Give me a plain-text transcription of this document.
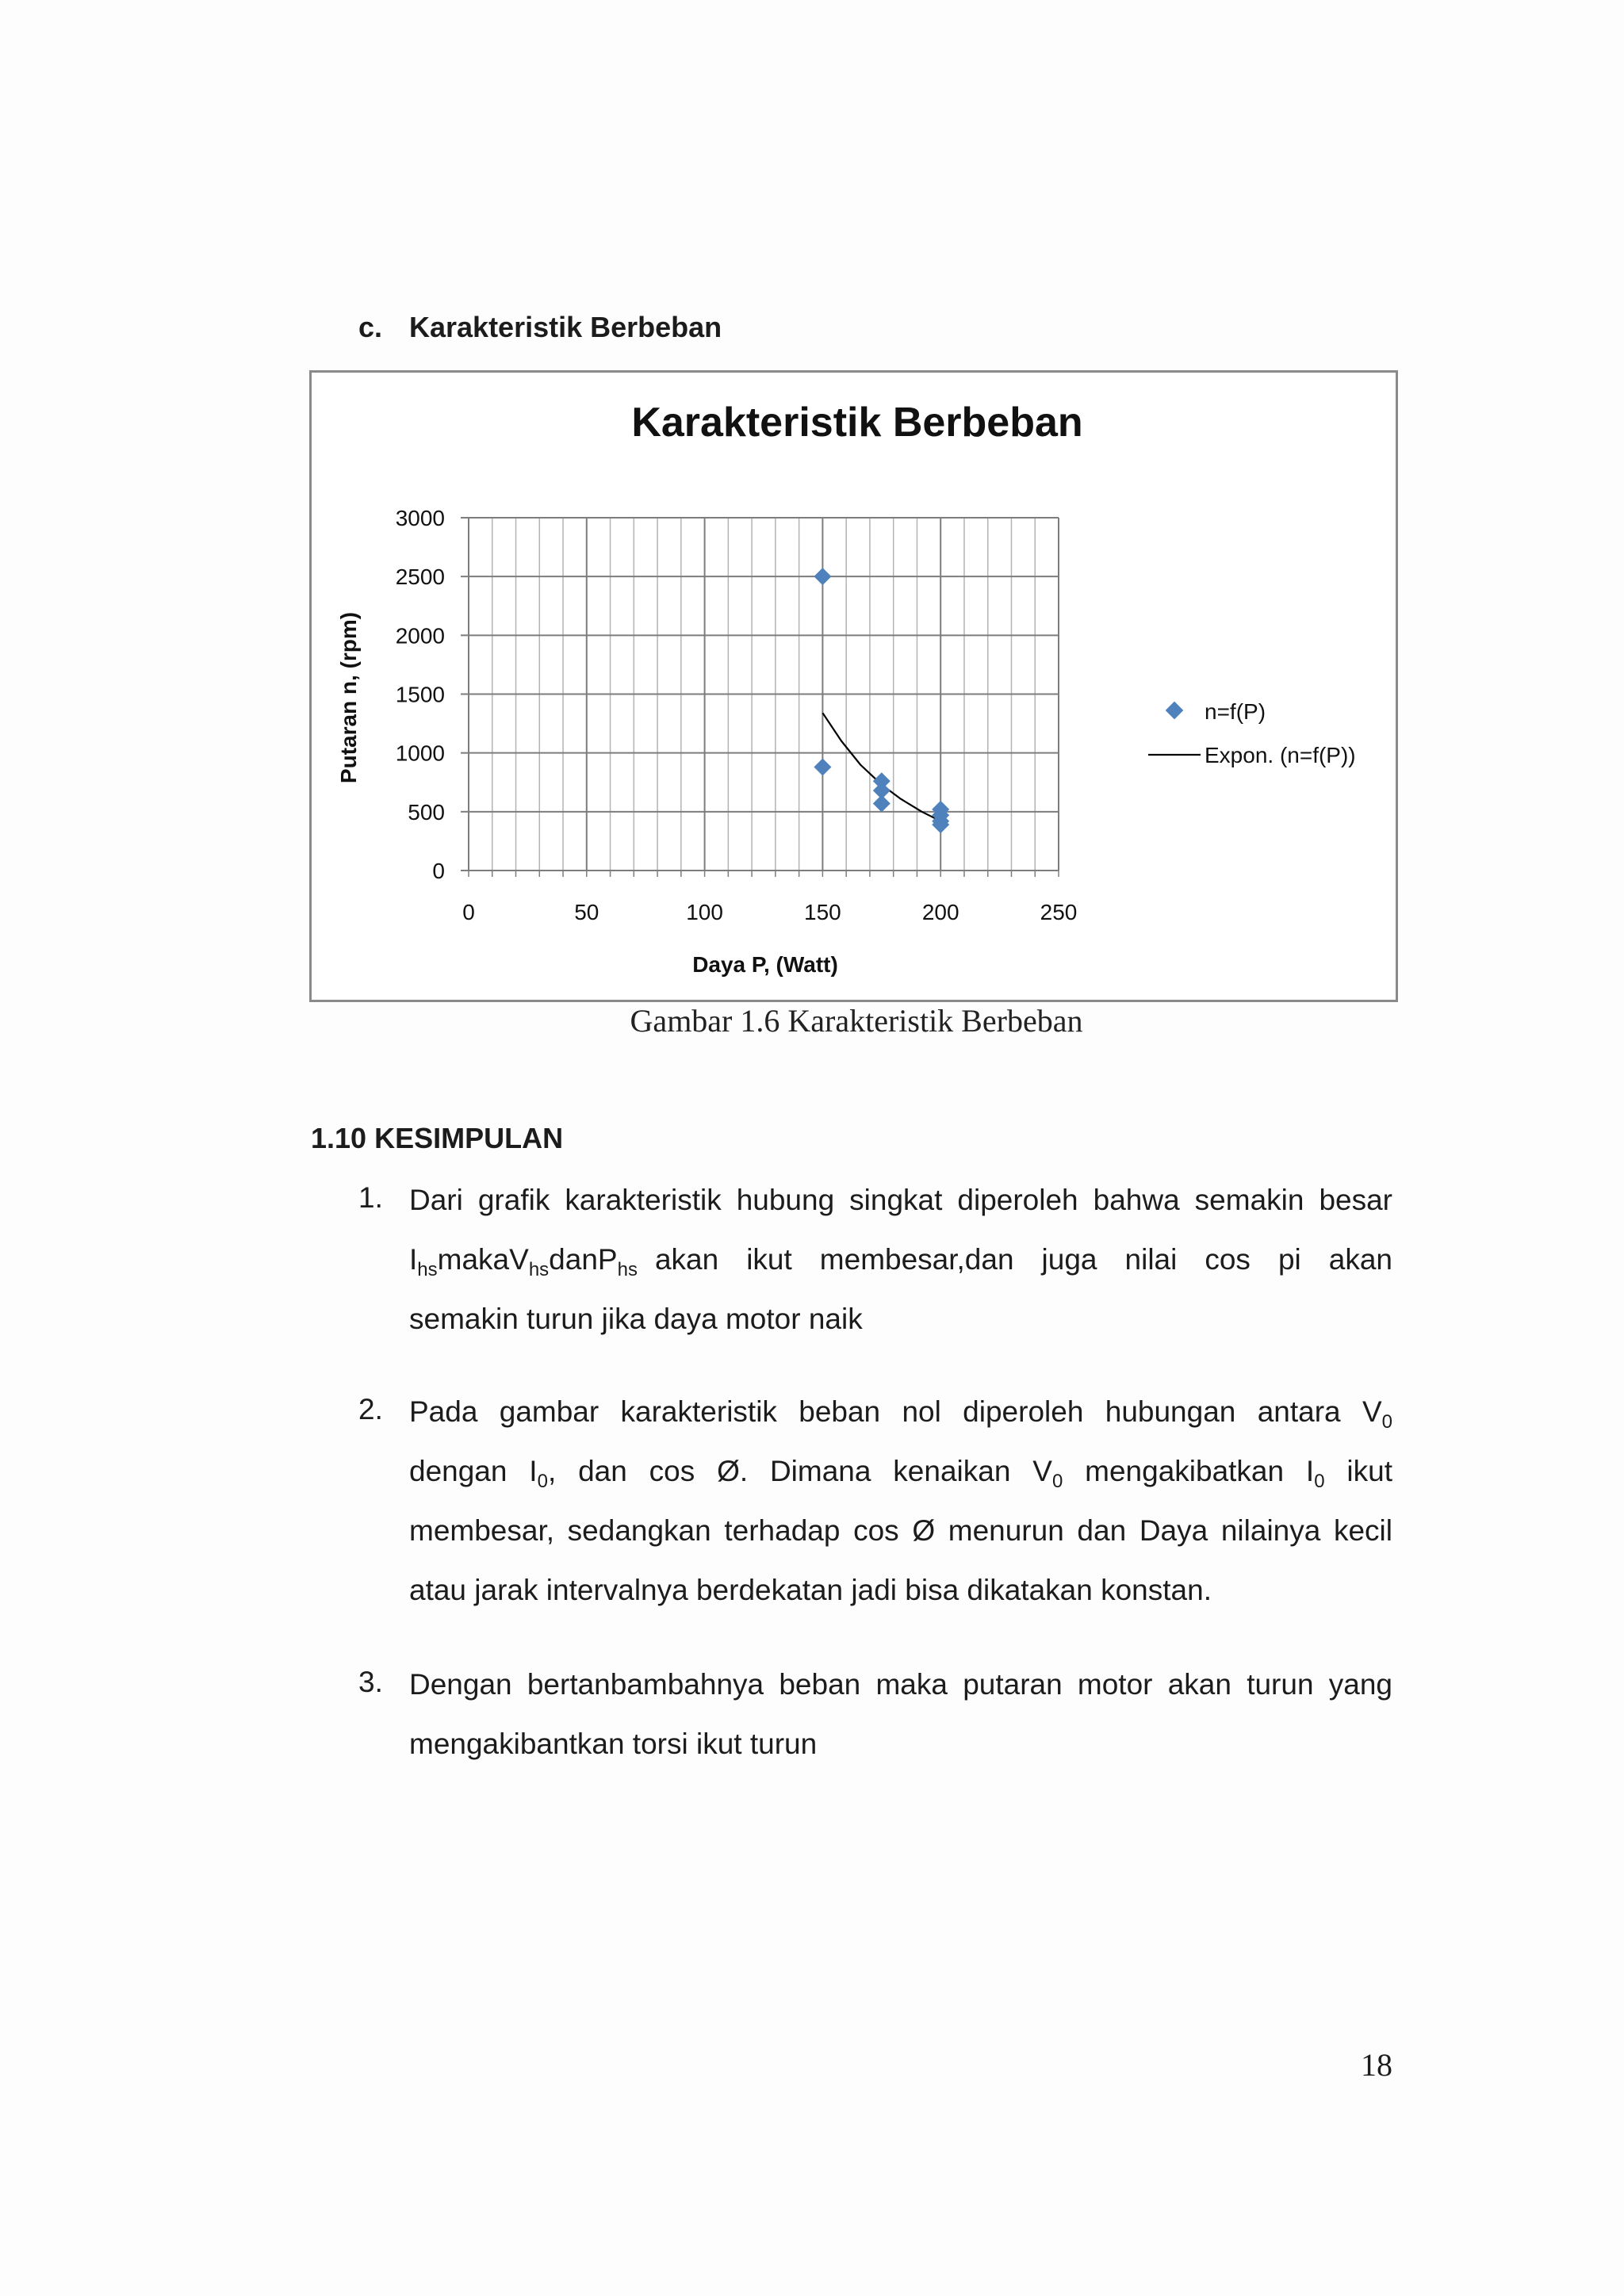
c. Karakteristik Berbeban
Karakteristik Berbeban
0	50	100	150	200	250
0
500
1000
1500
2000
2500
3000
Daya P, (Watt)
Putaran n, (rpm)	n=f(P)
Expon. (n=f(P))
Gambar 1.6 Karakteristik Berbeban
1.10 KESIMPULAN
1. Dari grafik karakteristik hubung singkat diperoleh bahwa semakin besar
$I_{hs}$ maka $V_{hs}$ dan $P_{hs}$ akan ikut membesar,dan juga nilai cos pi akan
semakin turun jika daya motor naik
2. Pada gambar karakteristik beban nol diperoleh hubungan antara $V_0$
dengan $I_0$, dan cos Ø. Dimana kenaikan $V_0$ mengakibatkan $I_0$ ikut
membesar, sedangkan terhadap cos Ø menurun dan Daya nilainya kecil
atau jarak intervalnya berdekatan jadi bisa dikatakan konstan.
3. Dengan bertanbambahnya beban maka putaran motor akan turun yang
mengakibantkan torsi ikut turun
18
